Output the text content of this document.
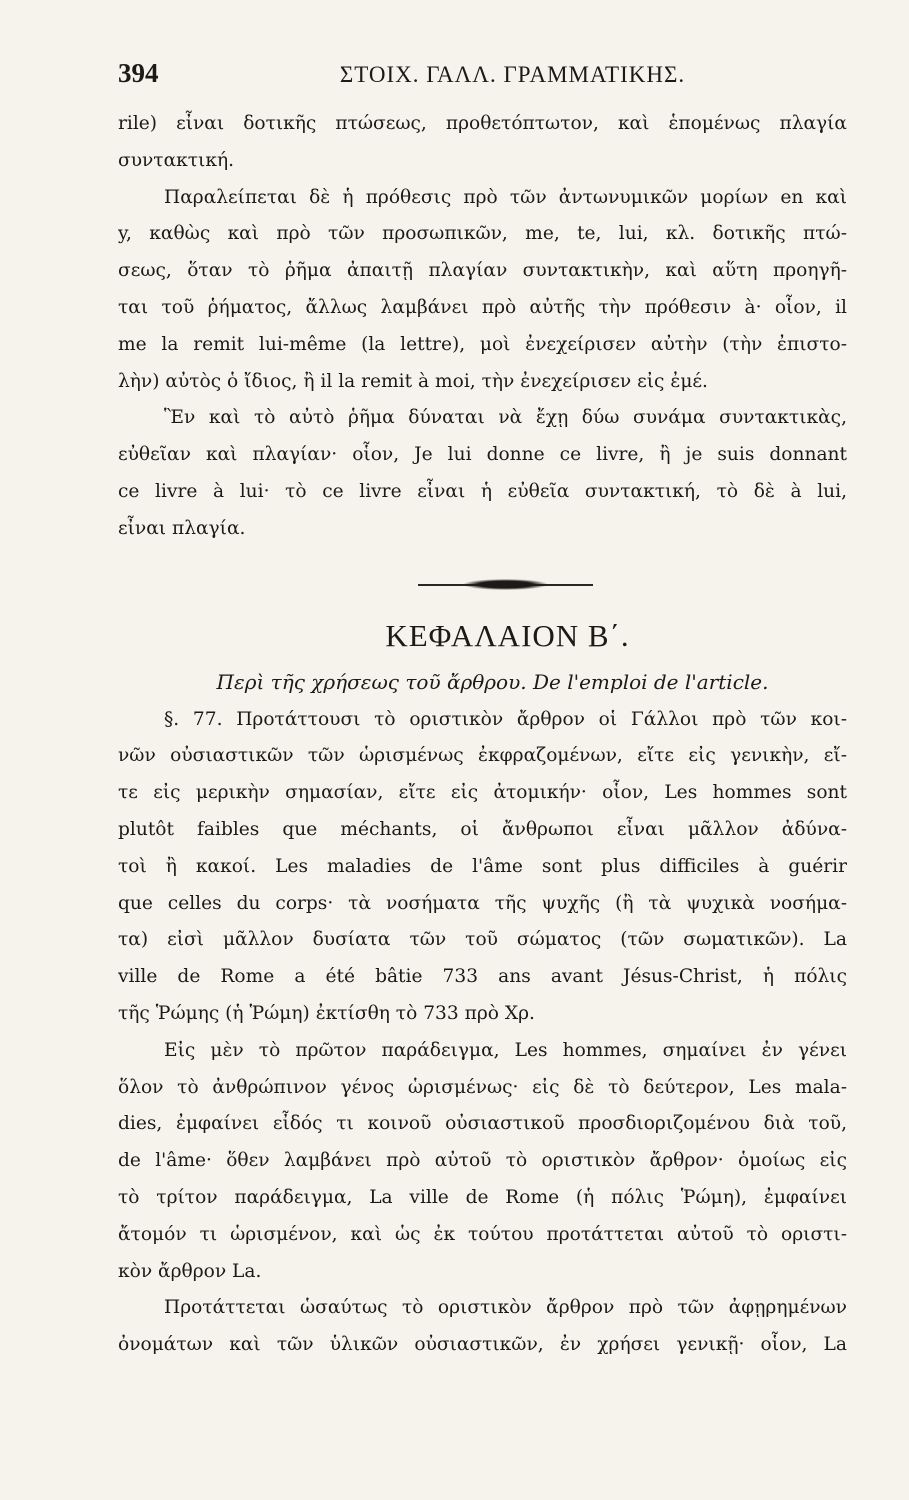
394	ΣΤΟΙΧ. ΓΑΛΛ. ΓΡΑΜΜΑΤΙΚΗΣ.
rile) εἶναι δοτικῆς πτώσεως, προθετόπτωτον, καὶ ἑπομένως πλαγία
συντακτική.
Παραλείπεται δὲ ἡ πρόθεσις πρὸ τῶν ἀντωνυμικῶν μορίων en καὶ
y, καθὼς καὶ πρὸ τῶν προσωπικῶν, me, te, lui, κλ. δοτικῆς πτώ-
σεως, ὅταν τὸ ῥῆμα ἀπαιτῇ πλαγίαν συντακτικὴν, καὶ αὕτη προηγῆ-
ται τοῦ ῥήματος, ἄλλως λαμβάνει πρὸ αὐτῆς τὴν πρόθεσιν à· οἷον, il
me la remit lui-même (la lettre), μοὶ ἐνεχείρισεν αὐτὴν (τὴν ἐπιστο-
λὴν) αὐτὸς ὁ ἴδιος, ἢ il la remit à moi, τὴν ἐνεχείρισεν εἰς ἐμέ.
Ἓν καὶ τὸ αὐτὸ ῥῆμα δύναται νὰ ἔχῃ δύω συνάμα συντακτικὰς,
εὐθεῖαν καὶ πλαγίαν· οἷον, Je lui donne ce livre, ἢ je suis donnant
ce livre à lui· τὸ ce livre εἶναι ἡ εὐθεῖα συντακτική, τὸ δὲ à lui,
εἶναι πλαγία.
ΚΕΦΑΛΑΙΟΝ Β΄.
Περὶ τῆς χρήσεως τοῦ ἄρθρου. De l'emploi de l'article.
§. 77. Προτάττουσι τὸ οριστικὸν ἄρθρον οἱ Γάλλοι πρὸ τῶν κοι-
νῶν οὐσιαστικῶν τῶν ὡρισμένως ἐκφραζομένων, εἴτε εἰς γενικὴν, εἴ-
τε εἰς μερικὴν σημασίαν, εἴτε εἰς ἀτομικήν· οἷον, Les hommes sont
plutôt faibles que méchants, οἱ ἄνθρωποι εἶναι μᾶλλον ἀδύνα-
τοὶ ἢ κακοί. Les maladies de l'âme sont plus difficiles à guérir
que celles du corps· τὰ νοσήματα τῆς ψυχῆς (ἢ τὰ ψυχικὰ νοσήμα-
τα) εἰσὶ μᾶλλον δυσίατα τῶν τοῦ σώματος (τῶν σωματικῶν). La
ville de Rome a été bâtie 733 ans avant Jésus-Christ, ἡ πόλις
τῆς Ῥώμης (ἡ Ῥώμη) ἐκτίσθη τὸ 733 πρὸ Χρ.
Εἰς μὲν τὸ πρῶτον παράδειγμα, Les hommes, σημαίνει ἐν γένει
ὅλον τὸ ἀνθρώπινον γένος ὡρισμένως· εἰς δὲ τὸ δεύτερον, Les mala-
dies, ἐμφαίνει εἶδός τι κοινοῦ οὐσιαστικοῦ προσδιοριζομένου διὰ τοῦ,
de l'âme· ὅθεν λαμβάνει πρὸ αὐτοῦ τὸ οριστικὸν ἄρθρον· ὁμοίως εἰς
τὸ τρίτον παράδειγμα, La ville de Rome (ἡ πόλις Ῥώμη), ἐμφαίνει
ἄτομόν τι ὡρισμένον, καὶ ὡς ἐκ τούτου προτάττεται αὐτοῦ τὸ οριστι-
κὸν ἄρθρον La.
Προτάττεται ὡσαύτως τὸ οριστικὸν ἄρθρον πρὸ τῶν ἀφῃρημένων
ὀνομάτων καὶ τῶν ὑλικῶν οὐσιαστικῶν, ἐν χρήσει γενικῇ· οἷον, La
